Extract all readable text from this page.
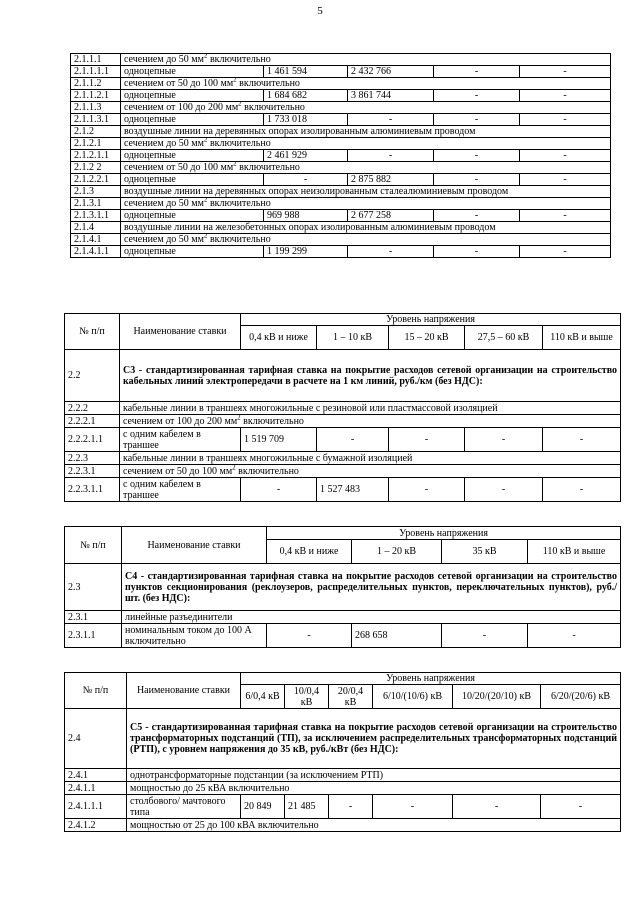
5
2.1.1.1	сечением до 50 $мм^2$ включительно				
2.1.1.1.1	одноцепные	1 461 594	2 432 766	-	-
2.1.1.2	сечением от 50 до 100 $мм^2$ включительно				
2.1.1.2.1	одноцепные	1 684 682	3 861 744	-	-
2.1.1.3	сечением от 100 до 200 $мм^2$ включительно				
2.1.1.3.1	одноцепные	1 733 018	-	-	-
2.1.2	воздушные линии на деревянных опорах изолированным алюминиевым проводом				
2.1.2.1	сечением до 50 $мм^2$ включительно				
2.1.2.1.1	одноцепные	2 461 929	-	-	-
2.1.2 2	сечением от 50 до 100 $мм^2$ включительно				
2.1.2.2.1	одноцепные	-	2 875 882	-	-
2.1.3	воздушные линии на деревянных опорах неизолированным сталеалюминиевым проводом				
2.1.3.1	сечением до 50 $мм^2$ включительно				
2.1.3.1.1	одноцепные	969 988	2 677 258	-	-
2.1.4	воздушные линии на железобетонных опорах изолированным алюминиевым проводом				
2.1.4.1	сечением до 50 $мм^2$ включительно				
2.1.4.1.1	одноцепные	1 199 299	-	-	-
№ п/п	Наименование ставки	Уровень напряжения				
		0,4 кВ и ниже	1 – 10 кВ	15 – 20 кВ	27,5 – 60 кВ	110 кВ и выше
2.2	С3 - стандартизированная тарифная ставка на покрытие расходов сетевой организации на строительство кабельных линий электропередачи в расчете на 1 км линий, руб./км (без НДС):					
2.2.2	кабельные линии в траншеях многожильные с резиновой или пластмассовой изоляцией					
2.2.2.1	сечением от 100 до 200 $мм^2$ включительно					
2.2.2.1.1	с одним кабелем в траншее	1 519 709	-	-	-	-
2.2.3	кабельные линии в траншеях многожильные с бумажной изоляцией					
2.2.3.1	сечением от 50 до 100 $мм^2$ включительно					
2.2.3.1.1	с одним кабелем в траншее	-	1 527 483	-	-	-
№ п/п	Наименование ставки	Уровень напряжения			
		0,4 кВ и ниже	1 – 20 кВ	35 кВ	110 кВ и выше
2.3	С4 - стандартизированная тарифная ставка на покрытие расходов сетевой организации на строительство пунктов секционирования (реклоузеров, распределительных пунктов, переключательных пунктов), руб./шт. (без НДС):				
2.3.1	линейные разъединители				
2.3.1.1	номинальным током до 100 А включительно	-	268 658	-	-
№ п/п	Наименование ставки	Уровень напряжения					
		6/0,4 кВ	10/0,4 кВ	20/0,4 кВ	6/10/(10/6) кВ	10/20/(20/10) кВ	6/20/(20/6) кВ
2.4	С5 - стандартизированная тарифная ставка на покрытие расходов сетевой организации на строительство трансформаторных подстанций (ТП), за исключением распределительных трансформаторных подстанций (РТП), с уровнем напряжения до 35 кВ, руб./кВт (без НДС):						
2.4.1	однотрансформаторные подстанции (за исключением РТП)						
2.4.1.1	мощностью до 25 кВА включительно						
2.4.1.1.1	столбового/ мачтового типа	20 849	21 485	-	-	-	-
2.4.1.2	мощностью от 25 до 100 кВА включительно						
